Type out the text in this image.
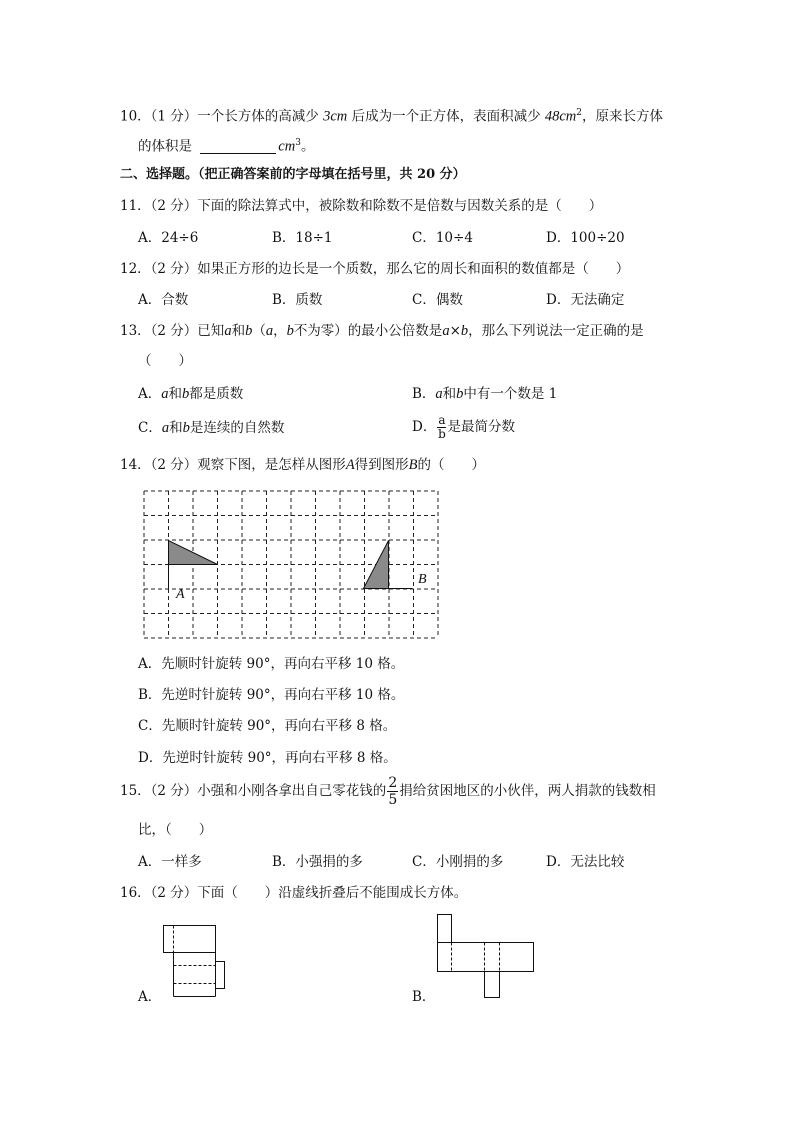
10．（1 分）一个长方体的高减少 3cm 后成为一个正方体，表面积减少 $48cm^2$，原来长方体
的体积是	$cm^3$。
二、选择题。（把正确答案前的字母填在括号里，共 20 分）
11．（2 分）下面的除法算式中，被除数和除数不是倍数与因数关系的是（　　）
A．24÷6	B．18÷1	C．10÷4	D．100÷20
12．（2 分）如果正方形的边长是一个质数，那么它的周长和面积的数值都是（　　）
A．合数	B．质数	C．偶数	D．无法确定
13．（2 分）已知a和b（a，b不为零）的最小公倍数是a×b，那么下列说法一定正确的是
（　　）
A．a和b都是质数	B．a和b中有一个数是 1
C．a和b是连续的自然数	D． $\frac{a}{b}$ 是最简分数
14．（2 分）观察下图，是怎样从图形A得到图形B的（　　）
A
B
A．先顺时针旋转 90°，再向右平移 10 格。
B．先逆时针旋转 90°，再向右平移 10 格。
C．先顺时针旋转 90°，再向右平移 8 格。
D．先逆时针旋转 90°，再向右平移 8 格。
15．（2 分）小强和小刚各拿出自己零花钱的 $\frac{2}{5}$ 捐给贫困地区的小伙伴，两人捐款的钱数相
比，（　　）
A．一样多	B．小强捐的多	C．小刚捐的多	D．无法比较
16．（2 分）下面（　　）沿虚线折叠后不能围成长方体。
A．	B．
